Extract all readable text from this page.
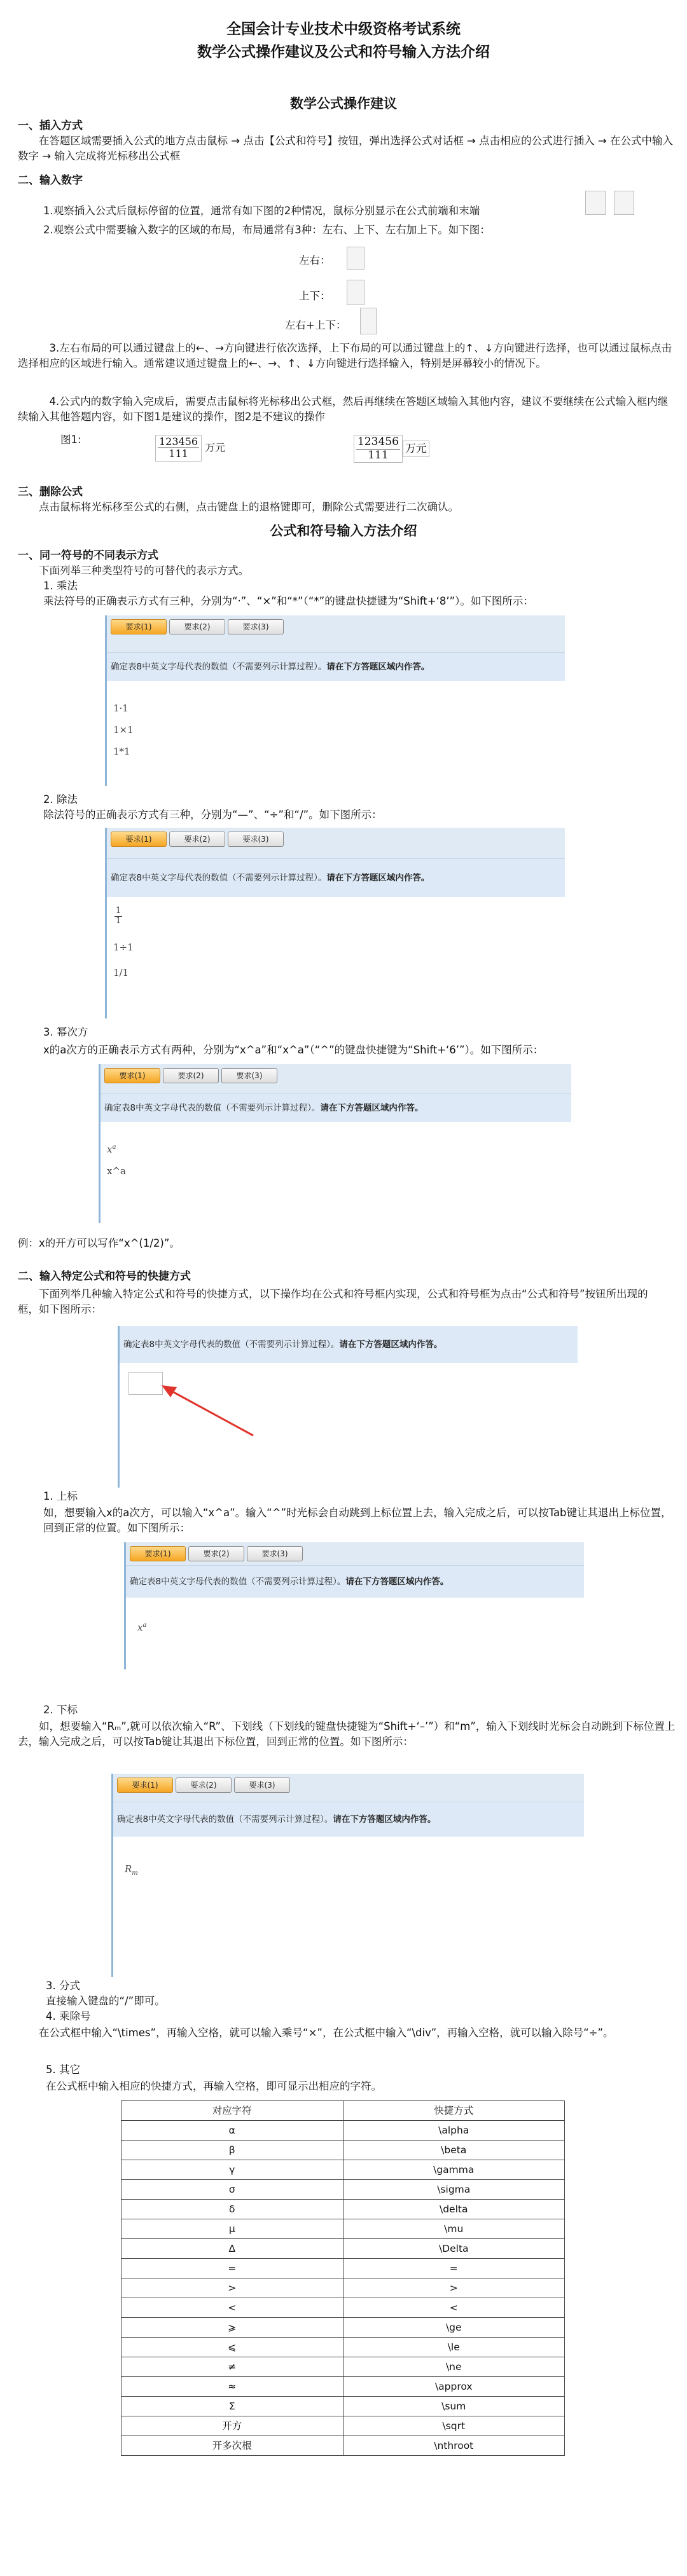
全国会计专业技术中级资格考试系统
数学公式操作建议及公式和符号输入方法介绍
数学公式操作建议
一、插入方式
在答题区域需要插入公式的地方点击鼠标 → 点击【公式和符号】按钮，弹出选择公式对话框 → 点击相应的公式进行插入 → 在公式中输入数字 → 输入完成将光标移出公式框
二、输入数字
1.观察插入公式后鼠标停留的位置，通常有如下图的2种情况，鼠标分别显示在公式前端和末端
2.观察公式中需要输入数字的区域的布局，布局通常有3种：左右、上下、左右加上下。如下图：
左右：
上下：
左右+上下：
3.左右布局的可以通过键盘上的←、→方向键进行依次选择，上下布局的可以通过键盘上的↑、↓方向键进行选择，也可以通过鼠标点击选择相应的区域进行输入。通常建议通过键盘上的←、→、↑、↓方向键进行选择输入，特别是屏幕较小的情况下。
4.公式内的数字输入完成后，需要点击鼠标将光标移出公式框，然后再继续在答题区域输入其他内容，建议不要继续在公式输入框内继续输入其他答题内容，如下图1是建议的操作，图2是不建议的操作
图1:	$\frac{123456}{111}$ 万元	$\frac{123456}{111}$ 万元
三、删除公式
点击鼠标将光标移至公式的右侧，点击键盘上的退格键即可，删除公式需要进行二次确认。
公式和符号输入方法介绍
一、同一符号的不同表示方式
下面列举三种类型符号的可替代的表示方式。
1. 乘法
乘法符号的正确表示方式有三种，分别为“·”、“×”和“*”（“*”的键盘快捷键为“Shift+‘8’”）。如下图所示：
要求(1)	要求(2)	要求(3)
确定表8中英文字母代表的数值（不需要列示计算过程）。请在下方答题区域内作答。
1·1
1×1
1*1
2. 除法
除法符号的正确表示方式有三种，分别为“—”、“÷”和“/”。如下图所示：
要求(1)	要求(2)	要求(3)
确定表8中英文字母代表的数值（不需要列示计算过程）。请在下方答题区域内作答。
$\frac{1}{1}$
1÷1
1/1
3. 幂次方
x的a次方的正确表示方式有两种，分别为“x^a”和“x^a”（“^”的键盘快捷键为“Shift+‘6’”）。如下图所示：
要求(1)	要求(2)	要求(3)
确定表8中英文字母代表的数值（不需要列示计算过程）。请在下方答题区域内作答。
$x^a$
x^a
例：x的开方可以写作“x^(1/2)”。
二、输入特定公式和符号的快捷方式
下面列举几种输入特定公式和符号的快捷方式，以下操作均在公式和符号框内实现，公式和符号框为点击“公式和符号”按钮所出现的框，如下图所示：
确定表8中英文字母代表的数值（不需要列示计算过程）。请在下方答题区域内作答。
1. 上标
如，想要输入x的a次方，可以输入“x^a”。输入“^”时光标会自动跳到上标位置上去，输入完成之后，可以按Tab键让其退出上标位置，回到正常的位置。如下图所示：
要求(1)	要求(2)	要求(3)
确定表8中英文字母代表的数值（不需要列示计算过程）。请在下方答题区域内作答。
$x^a$
2. 下标
如，想要输入“Rₘ”,就可以依次输入“R”、下划线（下划线的键盘快捷键为“Shift+‘–’”）和“m”，输入下划线时光标会自动跳到下标位置上去，输入完成之后，可以按Tab键让其退出下标位置，回到正常的位置。如下图所示：
要求(1)	要求(2)	要求(3)
确定表8中英文字母代表的数值（不需要列示计算过程）。请在下方答题区域内作答。
$R_m$
3. 分式
直接输入键盘的“/”即可。
4. 乘除号
在公式框中输入“\times”，再输入空格，就可以输入乘号“×”，在公式框中输入“\div”，再输入空格，就可以输入除号“÷”。
5. 其它
在公式框中输入相应的快捷方式，再输入空格，即可显示出相应的字符。
对应字符	快捷方式
α	\alpha
β	\beta
γ	\gamma
σ	\sigma
δ	\delta
μ	\mu
Δ	\Delta
=	=
>	>
<	<
⩾	\ge
⩽	\le
≠	\ne
≈	\approx
Σ	\sum
开方	\sqrt
开多次根	\nthroot
